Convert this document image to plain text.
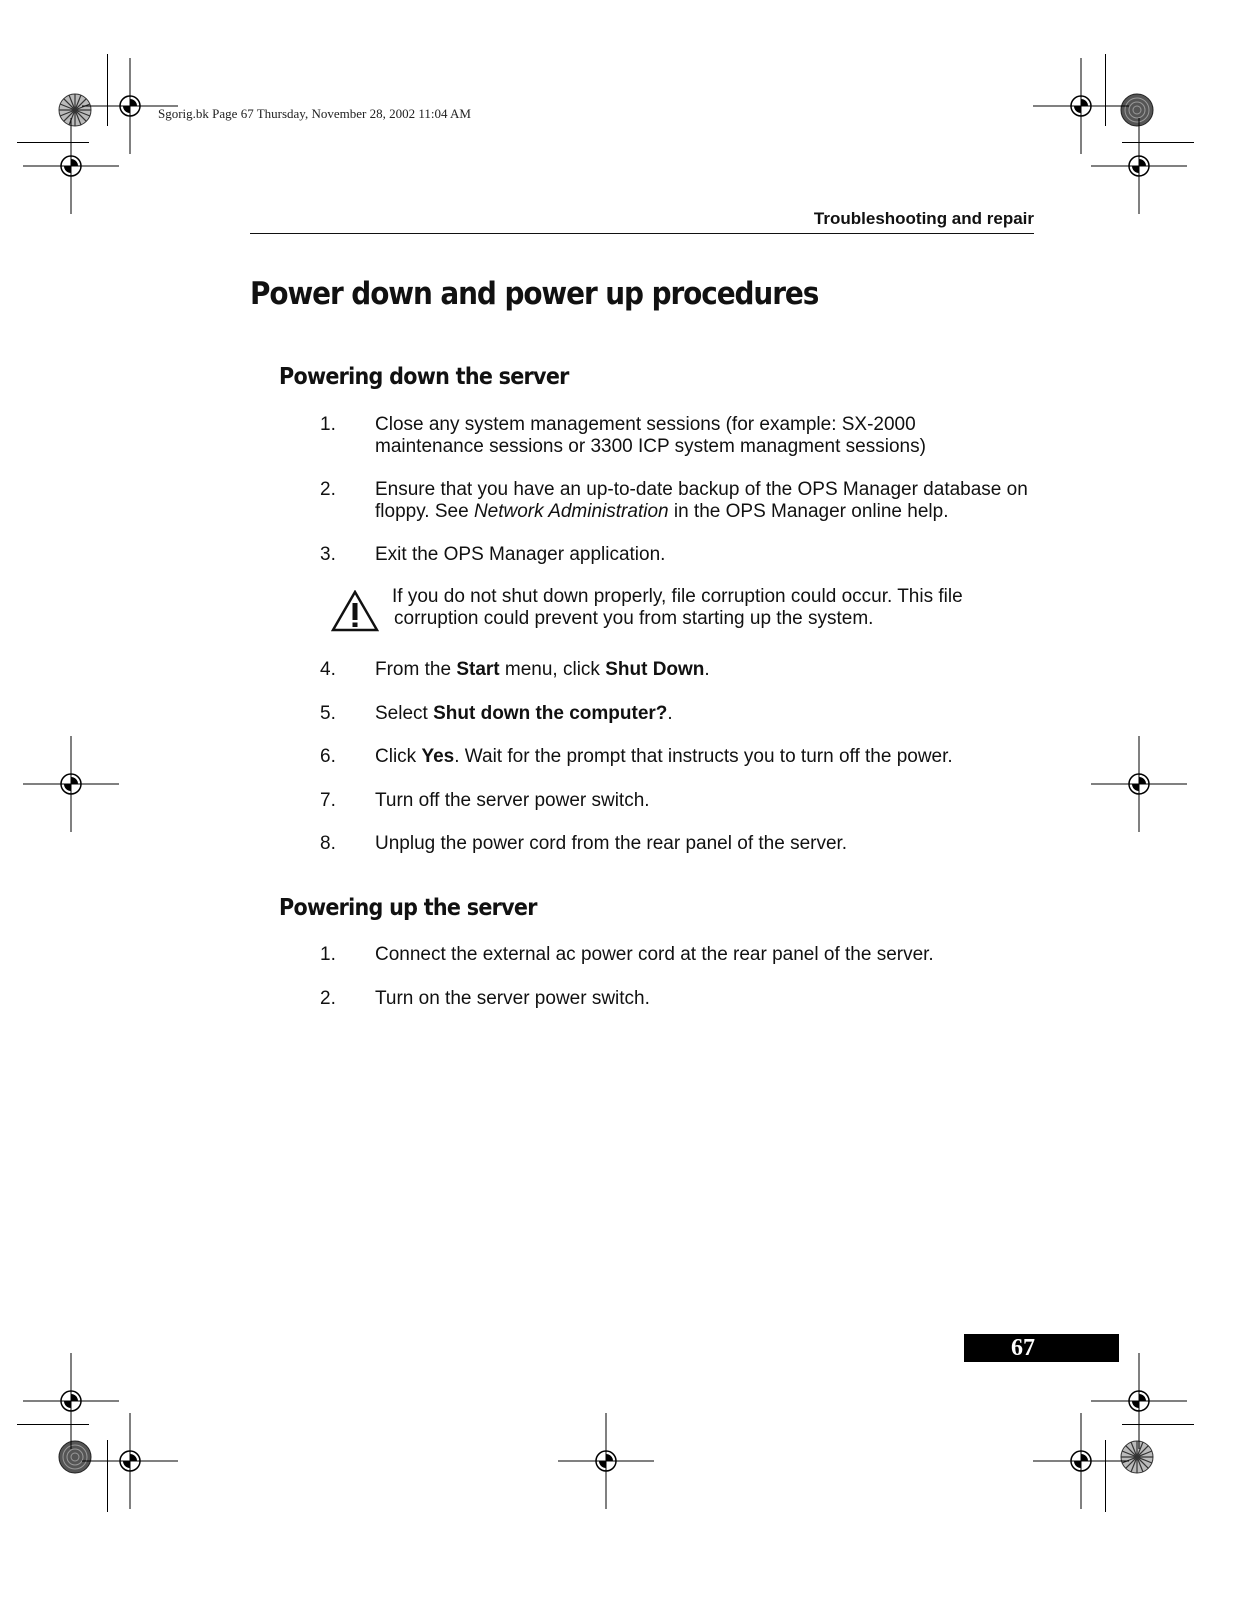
Sgorig.bk Page 67 Thursday, November 28, 2002 11:04 AM
Troubleshooting and repair
Power down and power up procedures
Powering down the server
1. Close any system management sessions (for example: SX-2000
maintenance sessions or 3300 ICP system managment sessions)
2. Ensure that you have an up-to-date backup of the OPS Manager database on floppy. See Network Administration in the OPS Manager online help.
3. Exit the OPS Manager application.
If you do not shut down properly, file corruption could occur. This file
corruption could prevent you from starting up the system.
4. From the Start menu, click Shut Down.
5. Select Shut down the computer?.
6. Click Yes. Wait for the prompt that instructs you to turn off the power.
7. Turn off the server power switch.
8. Unplug the power cord from the rear panel of the server.
Powering up the server
1. Connect the external ac power cord at the rear panel of the server.
2. Turn on the server power switch.
67
